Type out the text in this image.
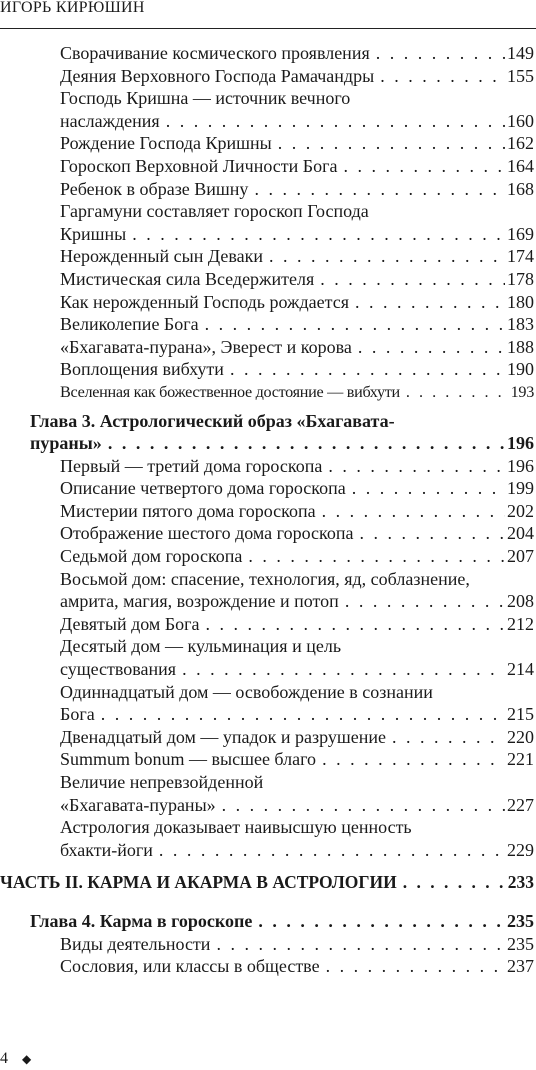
ИГОРЬ КИРЮШИН
Сворачивание космического проявления . . .	149
Деяния Верховного Господа Рамачандры . . .	155
Господь Кришна — источник вечного
наслаждения . . .	160
Рождение Господа Кришны . . .	162
Гороскоп Верховной Личности Бога . . .	164
Ребенок в образе Вишну . . .	168
Гаргамуни составляет гороскоп Господа
Кришны . . .	169
Нерожденный сын Деваки . . .	174
Мистическая сила Вседержителя . . .	178
Как нерожденный Господь рождается . . .	180
Великолепие Бога . . .	183
«Бхагавата-пурана», Эверест и корова . . .	188
Воплощения вибхути . . .	190
Вселенная как божественное достояние — вибхути . . .	193
Глава 3. Астрологический образ «Бхагавата-
пураны» . . .	196
Первый — третий дома гороскопа . . .	196
Описание четвертого дома гороскопа . . .	199
Мистерии пятого дома гороскопа . . .	202
Отображение шестого дома гороскопа . . .	204
Седьмой дом гороскопа . . .	207
Восьмой дом: спасение, технология, яд, соблазнение,
амрита, магия, возрождение и потоп . . .	208
Девятый дом Бога . . .	212
Десятый дом — кульминация и цель
существования . . .	214
Одиннадцатый дом — освобождение в сознании
Бога . . .	215
Двенадцатый дом — упадок и разрушение . . .	220
Summum bonum — высшее благо . . .	221
Величие непревзойденной
«Бхагавата-пураны» . . .	227
Астрология доказывает наивысшую ценность
бхакти-йоги . . .	229
ЧАСТЬ II. КАРМА И АКАРМА В АСТРОЛОГИИ . . .	233
Глава 4. Карма в гороскопе . . .	235
Виды деятельности . . .	235
Сословия, или классы в обществе . . .	237
4 ◆
